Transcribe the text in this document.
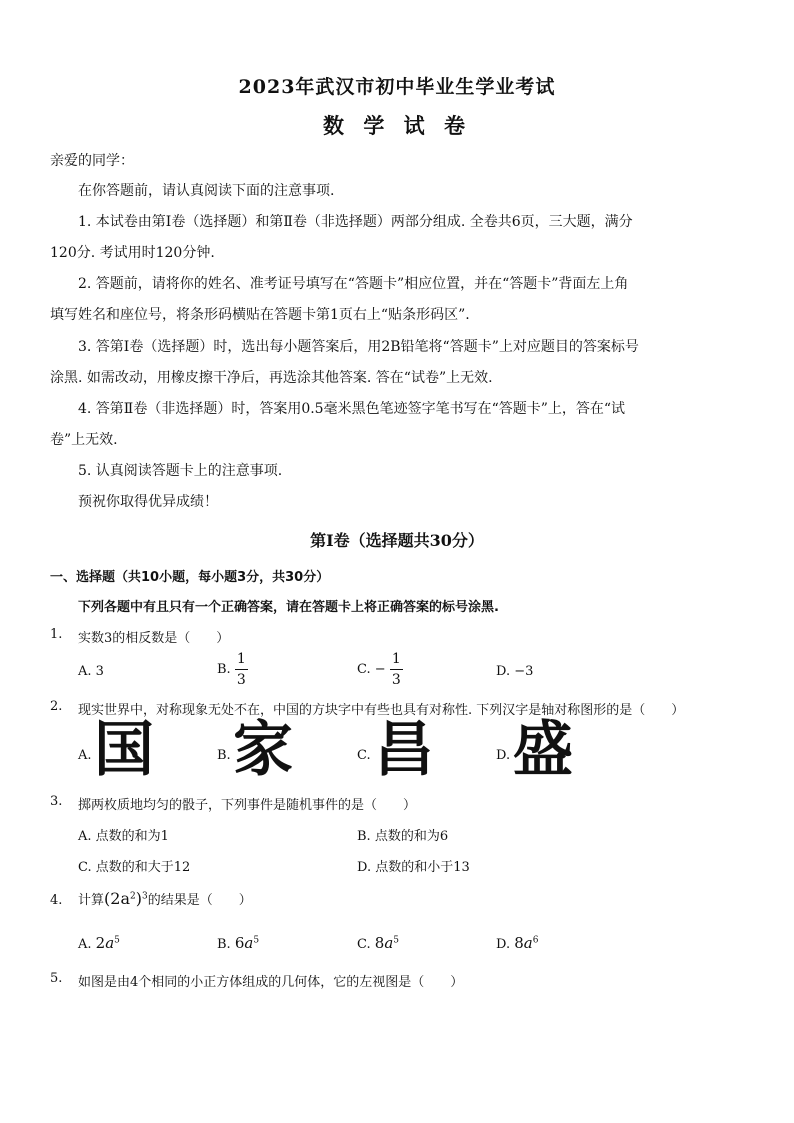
2023年武汉市初中毕业生学业考试
数 学 试 卷
亲爱的同学：
在你答题前，请认真阅读下面的注意事项.
1. 本试卷由第Ⅰ卷（选择题）和第Ⅱ卷（非选择题）两部分组成. 全卷共6页，三大题，满分
120分. 考试用时120分钟.
2. 答题前，请将你的姓名、准考证号填写在“答题卡”相应位置，并在“答题卡”背面左上角
填写姓名和座位号，将条形码横贴在答题卡第1页右上“贴条形码区”.
3. 答第Ⅰ卷（选择题）时，选出每小题答案后，用2B铅笔将“答题卡”上对应题目的答案标号
涂黑. 如需改动，用橡皮擦干净后，再选涂其他答案. 答在“试卷”上无效.
4. 答第Ⅱ卷（非选择题）时，答案用0.5毫米黑色笔迹签字笔书写在“答题卡”上，答在“试
卷”上无效.
5. 认真阅读答题卡上的注意事项.
预祝你取得优异成绩！
第Ⅰ卷（选择题共30分）
一、选择题（共10小题，每小题3分，共30分）
下列各题中有且只有一个正确答案，请在答题卡上将正确答案的标号涂黑.
1. 实数3的相反数是（　　）
A. 3	B. $\frac{1}{3}$	C. − $\frac{1}{3}$	D. −3
2. 现实世界中，对称现象无处不在，中国的方块字中有些也具有对称性. 下列汉字是轴对称图形的是（　　）
A. 国	B. 家	C. 昌	D. 盛
3. 掷两枚质地均匀的骰子，下列事件是随机事件的是（　　）
A. 点数的和为1	B. 点数的和为6
C. 点数的和大于12	D. 点数的和小于13
4. 计算$(2a^2)^3$的结果是（　　）
A. $2a^5$	B. $6a^5$	C. $8a^5$	D. $8a^6$
5. 如图是由4个相同的小正方体组成的几何体，它的左视图是（　　）
